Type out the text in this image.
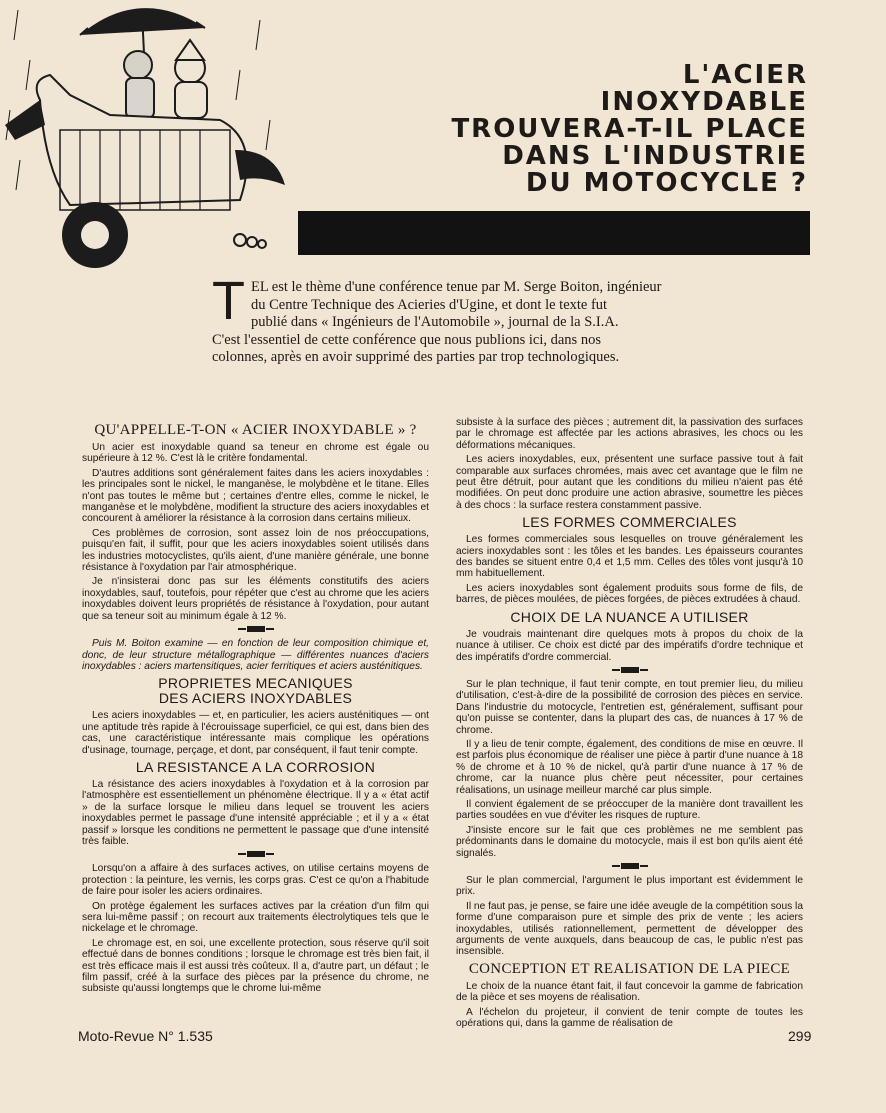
L'ACIER
INOXYDABLE
TROUVERA-T-IL PLACE
DANS L'INDUSTRIE
DU MOTOCYCLE ?
T EL est le thème d'une conférence tenue par M. Serge Boiton, ingénieur

du Centre Technique des Acieries d'Ugine, et dont le texte fut

publié dans « Ingénieurs de l'Automobile », journal de la S.I.A.

C'est l'essentiel de cette conférence que nous publions ici, dans nos

colonnes, après en avoir supprimé des parties par trop technologiques.

QU'APPELLE-T-ON « ACIER INOXYDABLE » ?

Un acier est inoxydable quand sa teneur en chrome est égale ou supérieure à 12 %. C'est là le critère fondamental.

D'autres additions sont généralement faites dans les aciers inoxydables : les principales sont le nickel, le manganèse, le molybdène et le titane. Elles n'ont pas toutes le même but ; certaines d'entre elles, comme le nickel, le manganèse et le molybdène, modifient la structure des aciers inoxydables et concourent à améliorer la résistance à la corrosion dans certains milieux.

Ces problèmes de corrosion, sont assez loin de nos préoccupations, puisqu'en fait, il suffit, pour que les aciers inoxydables soient utilisés dans les industries motocyclistes, qu'ils aient, d'une manière générale, une bonne résistance à l'oxydation par l'air atmosphérique.

Je n'insisterai donc pas sur les éléments constitutifs des aciers inoxydables, sauf, toutefois, pour répéter que c'est au chrome que les aciers inoxydables doivent leurs propriétés de résistance à l'oxydation, pour autant que sa teneur soit au minimum égale à 12 %.

Puis M. Boiton examine — en fonction de leur composition chimique et, donc, de leur structure métallographique — différentes nuances d'aciers inoxydables : aciers martensitiques, acier ferritiques et aciers austénitiques.

PROPRIETES MECANIQUES
DES ACIERS INOXYDABLES

Les aciers inoxydables — et, en particulier, les aciers austénitiques — ont une aptitude très rapide à l'écrouissage superficiel, ce qui est, dans bien des cas, une caractéristique intéressante mais complique les opérations d'usinage, tournage, perçage, et dont, par conséquent, il faut tenir compte.

LA RESISTANCE A LA CORROSION

La résistance des aciers inoxydables à l'oxydation et à la corrosion par l'atmosphère est essentiellement un phénomène électrique. Il y a « état actif » de la surface lorsque le milieu dans lequel se trouvent les aciers inoxydables permet le passage d'une intensité appréciable ; et il y a « état passif » lorsque les conditions ne permettent le passage que d'une intensité très faible.

Lorsqu'on a affaire à des surfaces actives, on utilise certains moyens de protection : la peinture, les vernis, les corps gras. C'est ce qu'on a l'habitude de faire pour isoler les aciers ordinaires.

On protège également les surfaces actives par la création d'un film qui sera lui-même passif ; on recourt aux traitements électrolytiques tels que le nickelage et le chromage.

Le chromage est, en soi, une excellente protection, sous réserve qu'il soit effectué dans de bonnes conditions ; lorsque le chromage est très bien fait, il est très efficace mais il est aussi très coûteux. Il a, d'autre part, un défaut ; le film passif, créé à la surface des pièces par la présence du chrome, ne subsiste qu'aussi longtemps que le chrome lui-même

subsiste à la surface des pièces ; autrement dit, la passivation des surfaces par le chromage est affectée par les actions abrasives, les chocs ou les déformations mécaniques.

Les aciers inoxydables, eux, présentent une surface passive tout à fait comparable aux surfaces chromées, mais avec cet avantage que le film ne peut être détruit, pour autant que les conditions du milieu n'aient pas été modifiées. On peut donc produire une action abrasive, soumettre les pièces à des chocs : la surface restera constamment passive.

LES FORMES COMMERCIALES

Les formes commerciales sous lesquelles on trouve généralement les aciers inoxydables sont : les tôles et les bandes. Les épaisseurs courantes des bandes se situent entre 0,4 et 1,5 mm. Celles des tôles vont jusqu'à 10 mm habituellement.

Les aciers inoxydables sont également produits sous forme de fils, de barres, de pièces moulées, de pièces forgées, de pièces extrudées à chaud.

CHOIX DE LA NUANCE A UTILISER

Je voudrais maintenant dire quelques mots à propos du choix de la nuance à utiliser. Ce choix est dicté par des impératifs d'ordre technique et des impératifs d'ordre commercial.

Sur le plan technique, il faut tenir compte, en tout premier lieu, du milieu d'utilisation, c'est-à-dire de la possibilité de corrosion des pièces en service. Dans l'industrie du motocycle, l'entretien est, généralement, suffisant pour qu'on puisse se contenter, dans la plupart des cas, de nuances à 17 % de chrome.

Il y a lieu de tenir compte, également, des conditions de mise en œuvre. Il est parfois plus économique de réaliser une pièce à partir d'une nuance à 18 % de chrome et à 10 % de nickel, qu'à partir d'une nuance à 17 % de chrome, car la nuance plus chère peut nécessiter, pour certaines réalisations, un usinage meilleur marché car plus simple.

Il convient également de se préoccuper de la manière dont travaillent les parties soudées en vue d'éviter les risques de rupture.

J'insiste encore sur le fait que ces problèmes ne me semblent pas prédominants dans le domaine du motocycle, mais il est bon qu'ils aient été signalés.

Sur le plan commercial, l'argument le plus important est évidemment le prix.

Il ne faut pas, je pense, se faire une idée aveugle de la compétition sous la forme d'une comparaison pure et simple des prix de vente ; les aciers inoxydables, utilisés rationnellement, permettent de développer des arguments de vente auxquels, dans beaucoup de cas, le public n'est pas insensible.

CONCEPTION ET REALISATION DE LA PIECE

Le choix de la nuance étant fait, il faut concevoir la gamme de fabrication de la pièce et ses moyens de réalisation.

A l'échelon du projeteur, il convient de tenir compte de toutes les opérations qui, dans la gamme de réalisation de

Moto-Revue N° 1.535	299
